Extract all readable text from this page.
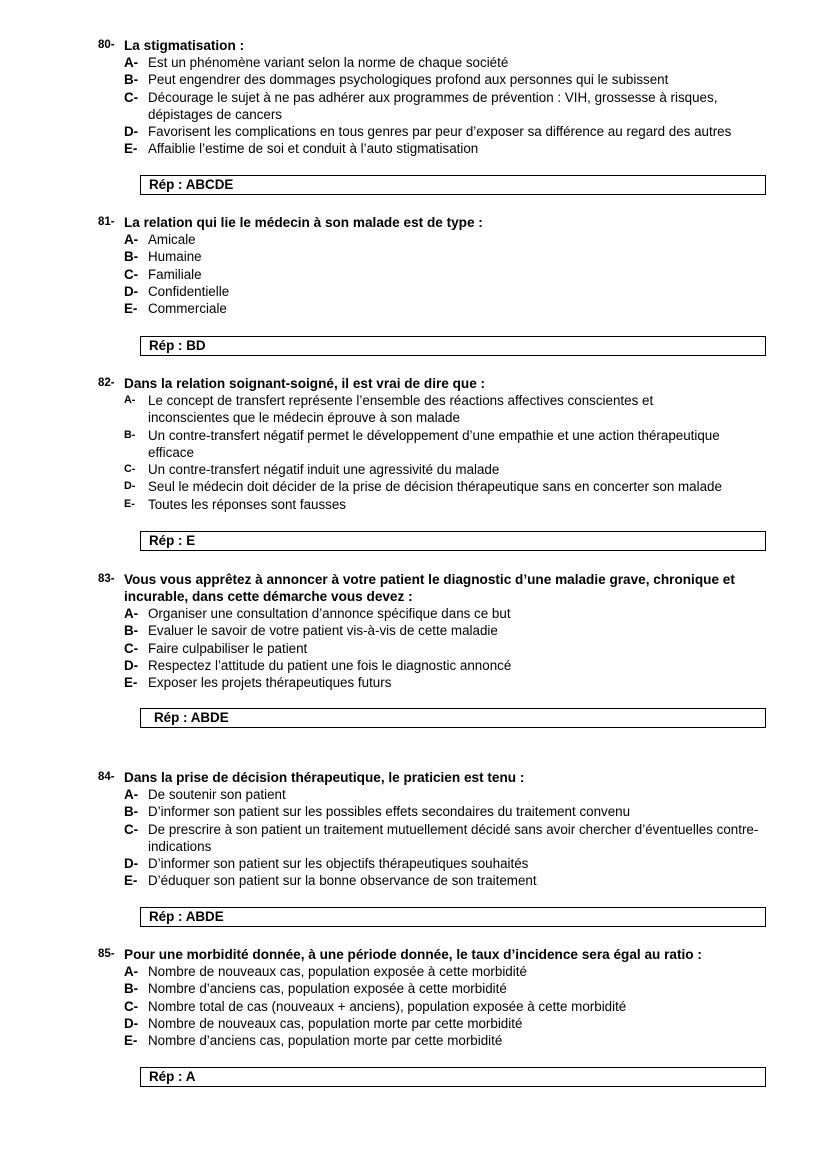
80- La stigmatisation :
A- Est un phénomène variant selon la norme de chaque société
B- Peut engendrer des dommages psychologiques profond aux personnes qui le subissent
C- Décourage le sujet à ne pas adhérer aux programmes de prévention : VIH, grossesse à risques, dépistages de cancers
D- Favorisent les complications en tous genres par peur d’exposer sa différence au regard des autres
E- Affaiblie l’estime de soi et conduit à l’auto stigmatisation
Rép : ABCDE
81- La relation qui lie le médecin à son malade est de type :
A- Amicale
B- Humaine
C- Familiale
D- Confidentielle
E- Commerciale
Rép : BD
82- Dans la relation soignant-soigné, il est vrai de dire que :
A- Le concept de transfert représente l’ensemble des réactions affectives conscientes et inconscientes que le médecin éprouve à son malade
B- Un contre-transfert négatif permet le développement d’une empathie et une action thérapeutique efficace
C- Un contre-transfert négatif induit une agressivité du malade
D- Seul le médecin doit décider de la prise de décision thérapeutique sans en concerter son malade
E- Toutes les réponses sont fausses
Rép : E
83- Vous vous apprêtez à annoncer à votre patient le diagnostic d’une maladie grave, chronique et incurable, dans cette démarche vous devez :
A- Organiser une consultation d’annonce spécifique dans ce but
B- Evaluer le savoir de votre patient vis-à-vis de cette maladie
C- Faire culpabiliser le patient
D- Respectez l’attitude du patient une fois le diagnostic annoncé
E- Exposer les projets thérapeutiques futurs
Rép : ABDE
84- Dans la prise de décision thérapeutique, le praticien est tenu :
A- De soutenir son patient
B- D’informer son patient sur les possibles effets secondaires du traitement convenu
C- De prescrire à son patient un traitement mutuellement décidé sans avoir chercher d’éventuelles contre-indications
D- D’informer son patient sur les objectifs thérapeutiques souhaités
E- D’éduquer son patient sur la bonne observance de son traitement
Rép : ABDE
85- Pour une morbidité donnée, à une période donnée, le taux d’incidence sera égal au ratio :
A- Nombre de nouveaux cas, population exposée à cette morbidité
B- Nombre d’anciens cas, population exposée à cette morbidité
C- Nombre total de cas (nouveaux + anciens), population exposée à cette morbidité
D- Nombre de nouveaux cas, population morte par cette morbidité
E- Nombre d’anciens cas, population morte par cette morbidité
Rép : A
